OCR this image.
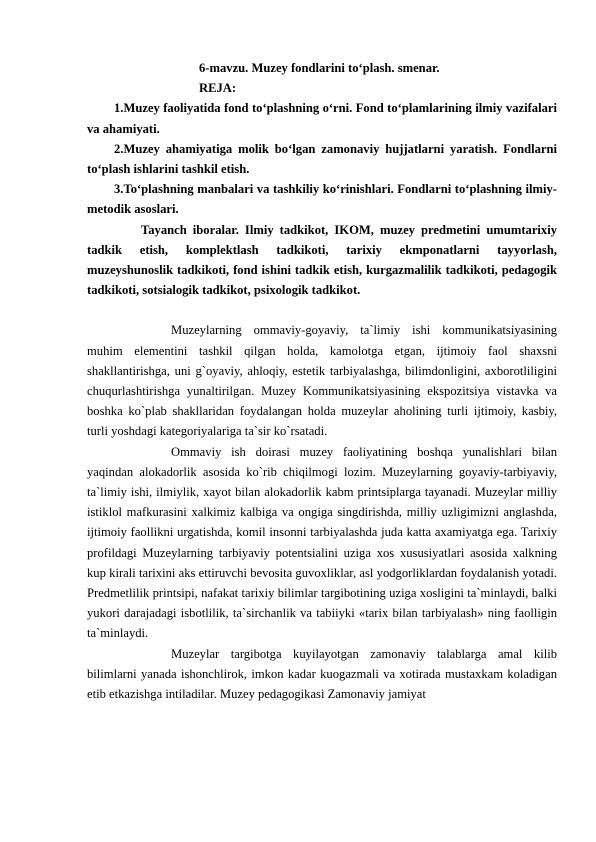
6-mavzu. Muzey fondlarini to‘plash. smenar.

REJA:

1.Muzey faoliyatida fond to‘plashning o‘rni. Fond to‘plamlarining ilmiy vazifalari va ahamiyati.

2.Muzey ahamiyatiga molik bo‘lgan zamonaviy hujjatlarni yaratish. Fondlarni to‘plash ishlarini tashkil etish.

3.To‘plashning manbalari va tashkiliy ko‘rinishlari. Fondlarni to‘plashning ilmiy-metodik asoslari.

Tayanch iboralar. Ilmiy tadkikot, IKOM, muzey predmetini umumtarixiy tadkik etish, komplektlash tadkikoti, tarixiy ekmponatlarni tayyorlash, muzeyshunoslik tadkikoti, fond ishini tadkik etish, kurgazmalilik tadkikoti, pedagogik tadkikoti, sotsialogik tadkikot, psixologik tadkikot.

Muzeylarning ommaviy-goyaviy, ta`limiy ishi kommunikatsiyasining muhim elementini tashkil qilgan holda, kamolotga etgan, ijtimoiy faol shaxsni shakllantirishga, uni g`oyaviy, ahloqiy, estetik tarbiyalashga, bilimdonligini, axborotliligini chuqurlashtirishga yunaltirilgan. Muzey Kommunikatsiyasining ekspozitsiya vistavka va boshka ko`plab shakllaridan foydalangan holda muzeylar aholining turli ijtimoiy, kasbiy, turli yoshdagi kategoriyalariga ta`sir ko`rsatadi.

Ommaviy ish doirasi muzey faoliyatining boshqa yunalishlari bilan yaqindan alokadorlik asosida ko`rib chiqilmogi lozim. Muzeylarning goyaviy-tarbiyaviy, ta`limiy ishi, ilmiylik, xayot bilan alokadorlik kabm printsiplarga tayanadi. Muzeylar milliy istiklol mafkurasini xalkimiz kalbiga va ongiga singdirishda, milliy uzligimizni anglashda, ijtimoiy faollikni urgatishda, komil insonni tarbiyalashda juda katta axamiyatga ega. Tarixiy profildagi Muzeylarning tarbiyaviy potentsialini uziga xos xususiyatlari asosida xalkning kup kirali tarixini aks ettiruvchi bevosita guvoxliklar, asl yodgorliklardan foydalanish yotadi. Predmetlilik printsipi, nafakat tarixiy bilimlar targibotining uziga xosligini ta`minlaydi, balki yukori darajadagi isbotlilik, ta`sirchanlik va tabiiyki «tarix bilan tarbiyalash» ning faolligin ta`minlaydi.

Muzeylar targibotga kuyilayotgan zamonaviy talablarga amal kilib bilimlarni yanada ishonchlirok, imkon kadar kuogazmali va xotirada mustaxkam koladigan etib etkazishga intiladilar. Muzey pedagogikasi Zamonaviy jamiyat
